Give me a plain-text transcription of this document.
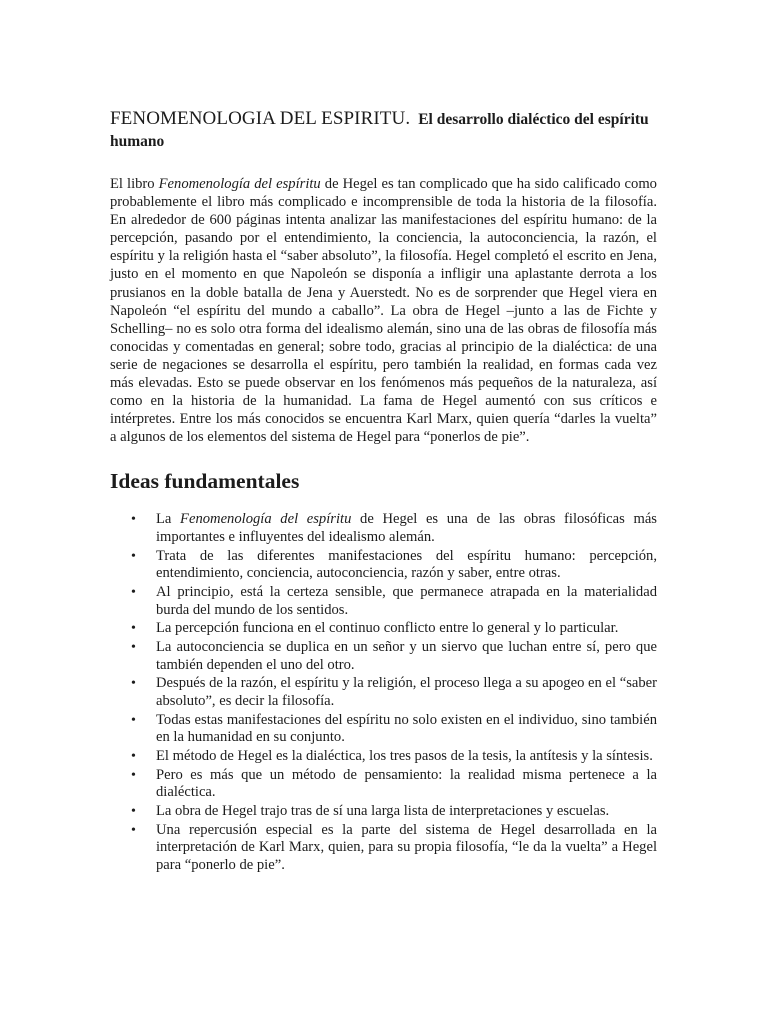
FENOMENOLOGIA DEL ESPIRITU. El desarrollo dialéctico del espíritu humano

El libro Fenomenología del espíritu de Hegel es tan complicado que ha sido calificado como probablemente el libro más complicado e incomprensible de toda la historia de la filosofía. En alrededor de 600 páginas intenta analizar las manifestaciones del espíritu humano: de la percepción, pasando por el entendimiento, la conciencia, la autoconciencia, la razón, el espíritu y la religión hasta el “saber absoluto”, la filosofía. Hegel completó el escrito en Jena, justo en el momento en que Napoleón se disponía a infligir una aplastante derrota a los prusianos en la doble batalla de Jena y Auerstedt. No es de sorprender que Hegel viera en Napoleón “el espíritu del mundo a caballo”. La obra de Hegel –junto a las de Fichte y Schelling– no es solo otra forma del idealismo alemán, sino una de las obras de filosofía más conocidas y comentadas en general; sobre todo, gracias al principio de la dialéctica: de una serie de negaciones se desarrolla el espíritu, pero también la realidad, en formas cada vez más elevadas. Esto se puede observar en los fenómenos más pequeños de la naturaleza, así como en la historia de la humanidad. La fama de Hegel aumentó con sus críticos e intérpretes. Entre los más conocidos se encuentra Karl Marx, quien quería “darles la vuelta” a algunos de los elementos del sistema de Hegel para “ponerlos de pie”.

Ideas fundamentales
• La Fenomenología del espíritu de Hegel es una de las obras filosóficas más importantes e influyentes del idealismo alemán.
• Trata de las diferentes manifestaciones del espíritu humano: percepción, entendimiento, conciencia, autoconciencia, razón y saber, entre otras.
• Al principio, está la certeza sensible, que permanece atrapada en la materialidad burda del mundo de los sentidos.
• La percepción funciona en el continuo conflicto entre lo general y lo particular.
• La autoconciencia se duplica en un señor y un siervo que luchan entre sí, pero que también dependen el uno del otro.
• Después de la razón, el espíritu y la religión, el proceso llega a su apogeo en el “saber absoluto”, es decir la filosofía.
• Todas estas manifestaciones del espíritu no solo existen en el individuo, sino también en la humanidad en su conjunto.
• El método de Hegel es la dialéctica, los tres pasos de la tesis, la antítesis y la síntesis.
• Pero es más que un método de pensamiento: la realidad misma pertenece a la dialéctica.
• La obra de Hegel trajo tras de sí una larga lista de interpretaciones y escuelas.
• Una repercusión especial es la parte del sistema de Hegel desarrollada en la interpretación de Karl Marx, quien, para su propia filosofía, “le da la vuelta” a Hegel para “ponerlo de pie”.
